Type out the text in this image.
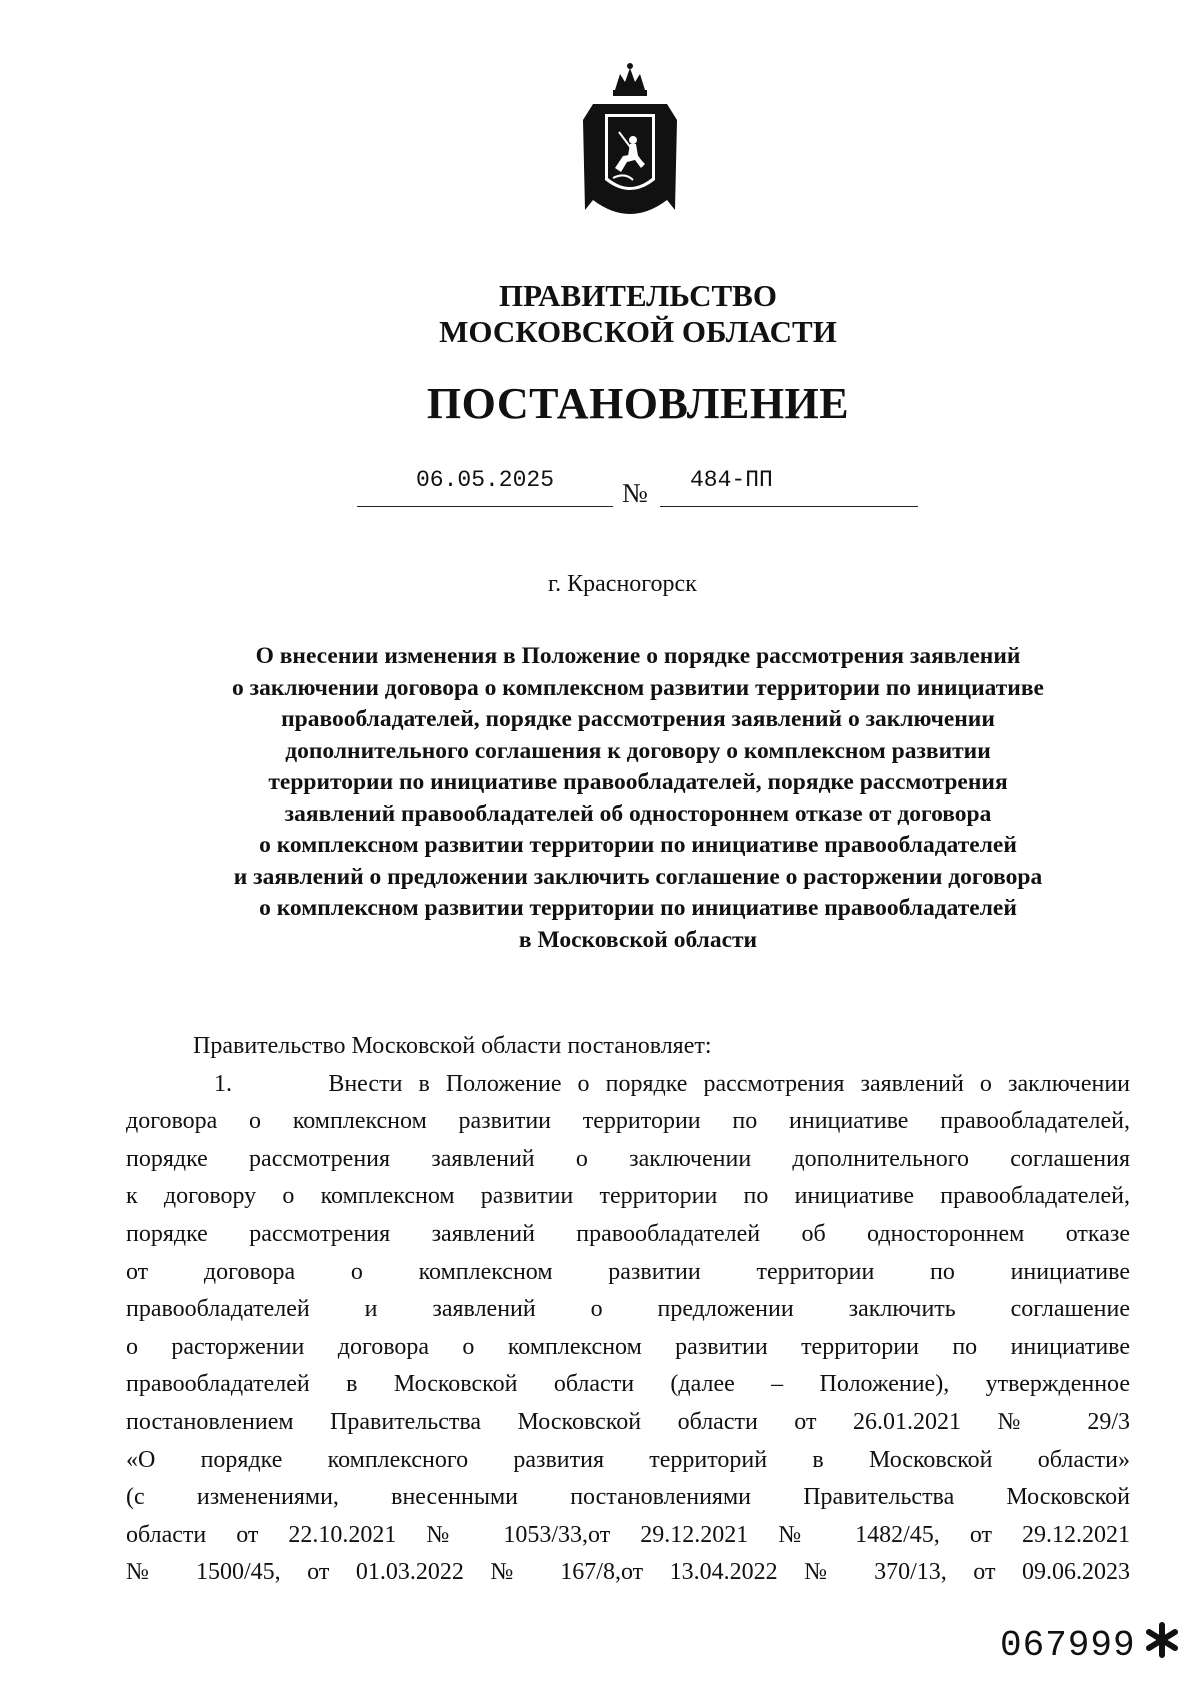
ПРАВИТЕЛЬСТВО
МОСКОВСКОЙ ОБЛАСТИ
ПОСТАНОВЛЕНИЕ
06.05.2025	№ 484-ПП
г. Красногорск
О внесении изменения в Положение о порядке рассмотрения заявлений
о заключении договора о комплексном развитии территории по инициативе
правообладателей, порядке рассмотрения заявлений о заключении
дополнительного соглашения к договору о комплексном развитии
территории по инициативе правообладателей, порядке рассмотрения
заявлений правообладателей об одностороннем отказе от договора
о комплексном развитии территории по инициативе правообладателей
и заявлений о предложении заключить соглашение о расторжении договора
о комплексном развитии территории по инициативе правообладателей
в Московской области
Правительство Московской области постановляет:
1.	Внести в Положение о порядке рассмотрения заявлений о заключении
договора о комплексном развитии территории по инициативе правообладателей,
порядке рассмотрения заявлений о заключении дополнительного соглашения
к договору о комплексном развитии территории по инициативе правообладателей,
порядке рассмотрения заявлений правообладателей об одностороннем отказе
от договора о комплексном развитии территории по инициативе
правообладателей и заявлений о предложении заключить соглашение
о расторжении договора о комплексном развитии территории по инициативе
правообладателей в Московской области (далее – Положение), утвержденное
постановлением Правительства Московской области от 26.01.2021 № 29/3
«О порядке комплексного развития территорий в Московской области»
(с изменениями, внесенными постановлениями Правительства Московской
области от 22.10.2021 № 1053/33,от 29.12.2021 № 1482/45, от 29.12.2021
№ 1500/45, от 01.03.2022 № 167/8,от 13.04.2022 № 370/13, от 09.06.2023
067999
